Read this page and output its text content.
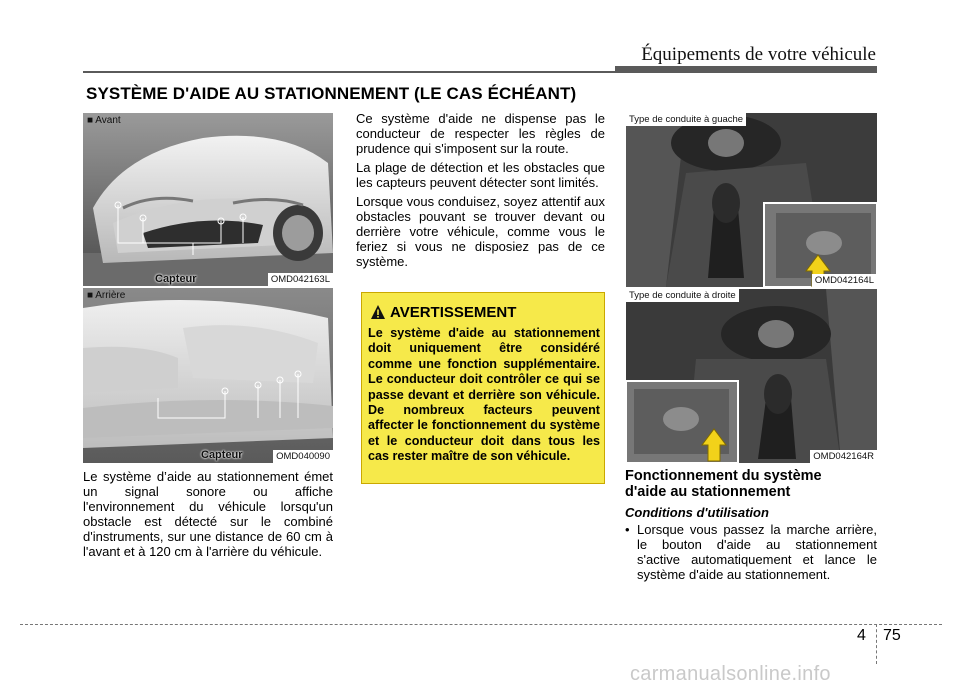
Équipements de votre véhicule
SYSTÈME D'AIDE AU STATIONNEMENT (LE CAS ÉCHÉANT)
■ Avant
Capteur	OMD042163L
■ Arrière
Capteur	OMD040090
Le système d’aide au stationnement émet un signal sonore ou affiche l'environnement du véhicule lorsqu'un obstacle est détecté sur le combiné d'instruments, sur une distance de 60 cm à l'avant et à 120 cm à l'arrière du véhicule.

Ce système d'aide ne dispense pas le conducteur de respecter les règles de prudence qui s'imposent sur la route.

La plage de détection et les obstacles que les capteurs peuvent détecter sont limités.

Lorsque vous conduisez, soyez attentif aux obstacles pouvant se trouver devant ou derrière votre véhicule, comme vous le feriez si vous ne disposiez pas de ce système.

AVERTISSEMENT
Le système d'aide au stationnement doit uniquement être considéré comme une fonction supplémentaire. Le conducteur doit contrôler ce qui se passe devant et derrière son véhicule. De nombreux facteurs peuvent affecter le fonctionnement du système et le conducteur doit dans tous les cas rester maître de son véhicule.
Type de conduite à guache
OMD042164L
Type de conduite à droite
OMD042164R
Fonctionnement du système d'aide au stationnement
Conditions d'utilisation
• Lorsque vous passez la marche arrière, le bouton d'aide au stationnement s'active automatiquement et lance le système d'aide au stationnement.
4 75
carmanualsonline.info
